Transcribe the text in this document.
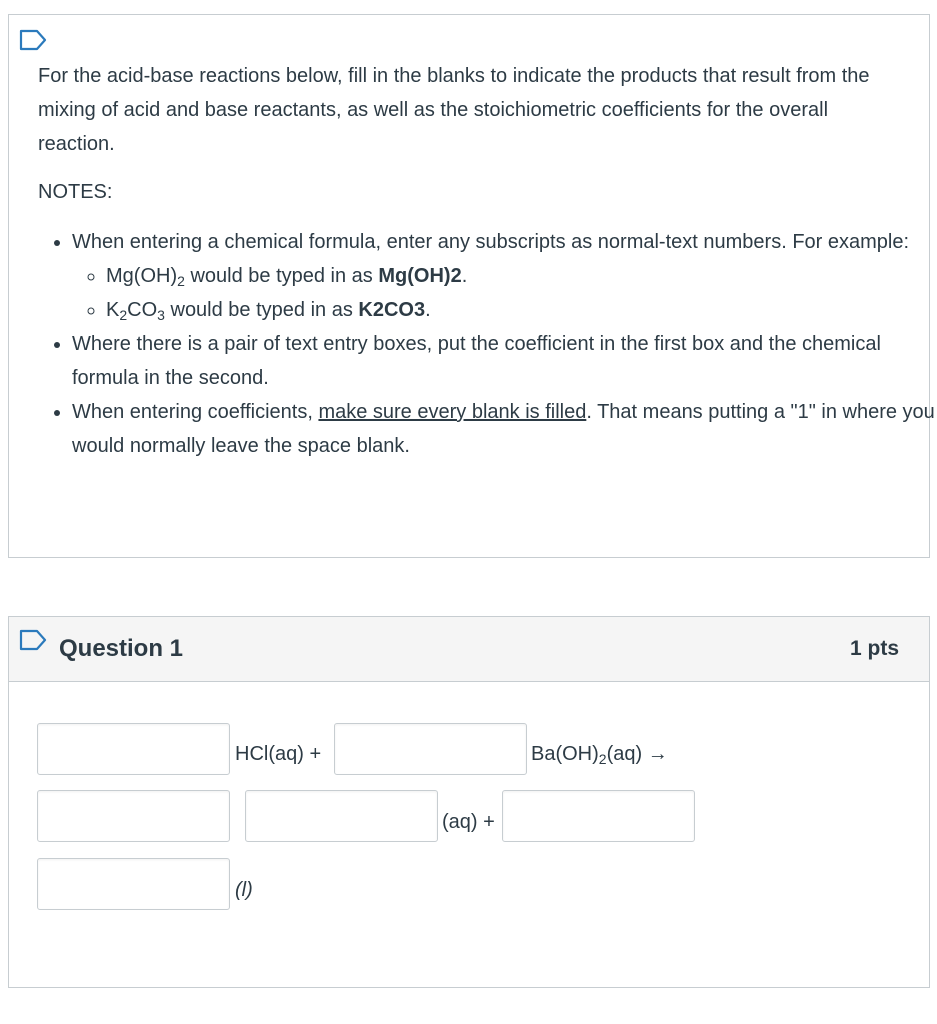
For the acid-base reactions below, fill in the blanks to indicate the products that result from the mixing of acid and base reactants, as well as the stoichiometric coefficients for the overall reaction.
NOTES:
• When entering a chemical formula, enter any subscripts as normal-text numbers. For example:
◦ $Mg(OH)_2$ would be typed in as Mg(OH)2.
◦ $K_2CO_3$ would be typed in as K2CO3.
• Where there is a pair of text entry boxes, put the coefficient in the first box and the chemical formula in the second.
• When entering coefficients, make sure every blank is filled. That means putting a "1" in where you would normally leave the space blank.
Question 1	1 pts
HCl(aq) +	$Ba(OH)_2(aq)$ →
(aq) +
(l)
